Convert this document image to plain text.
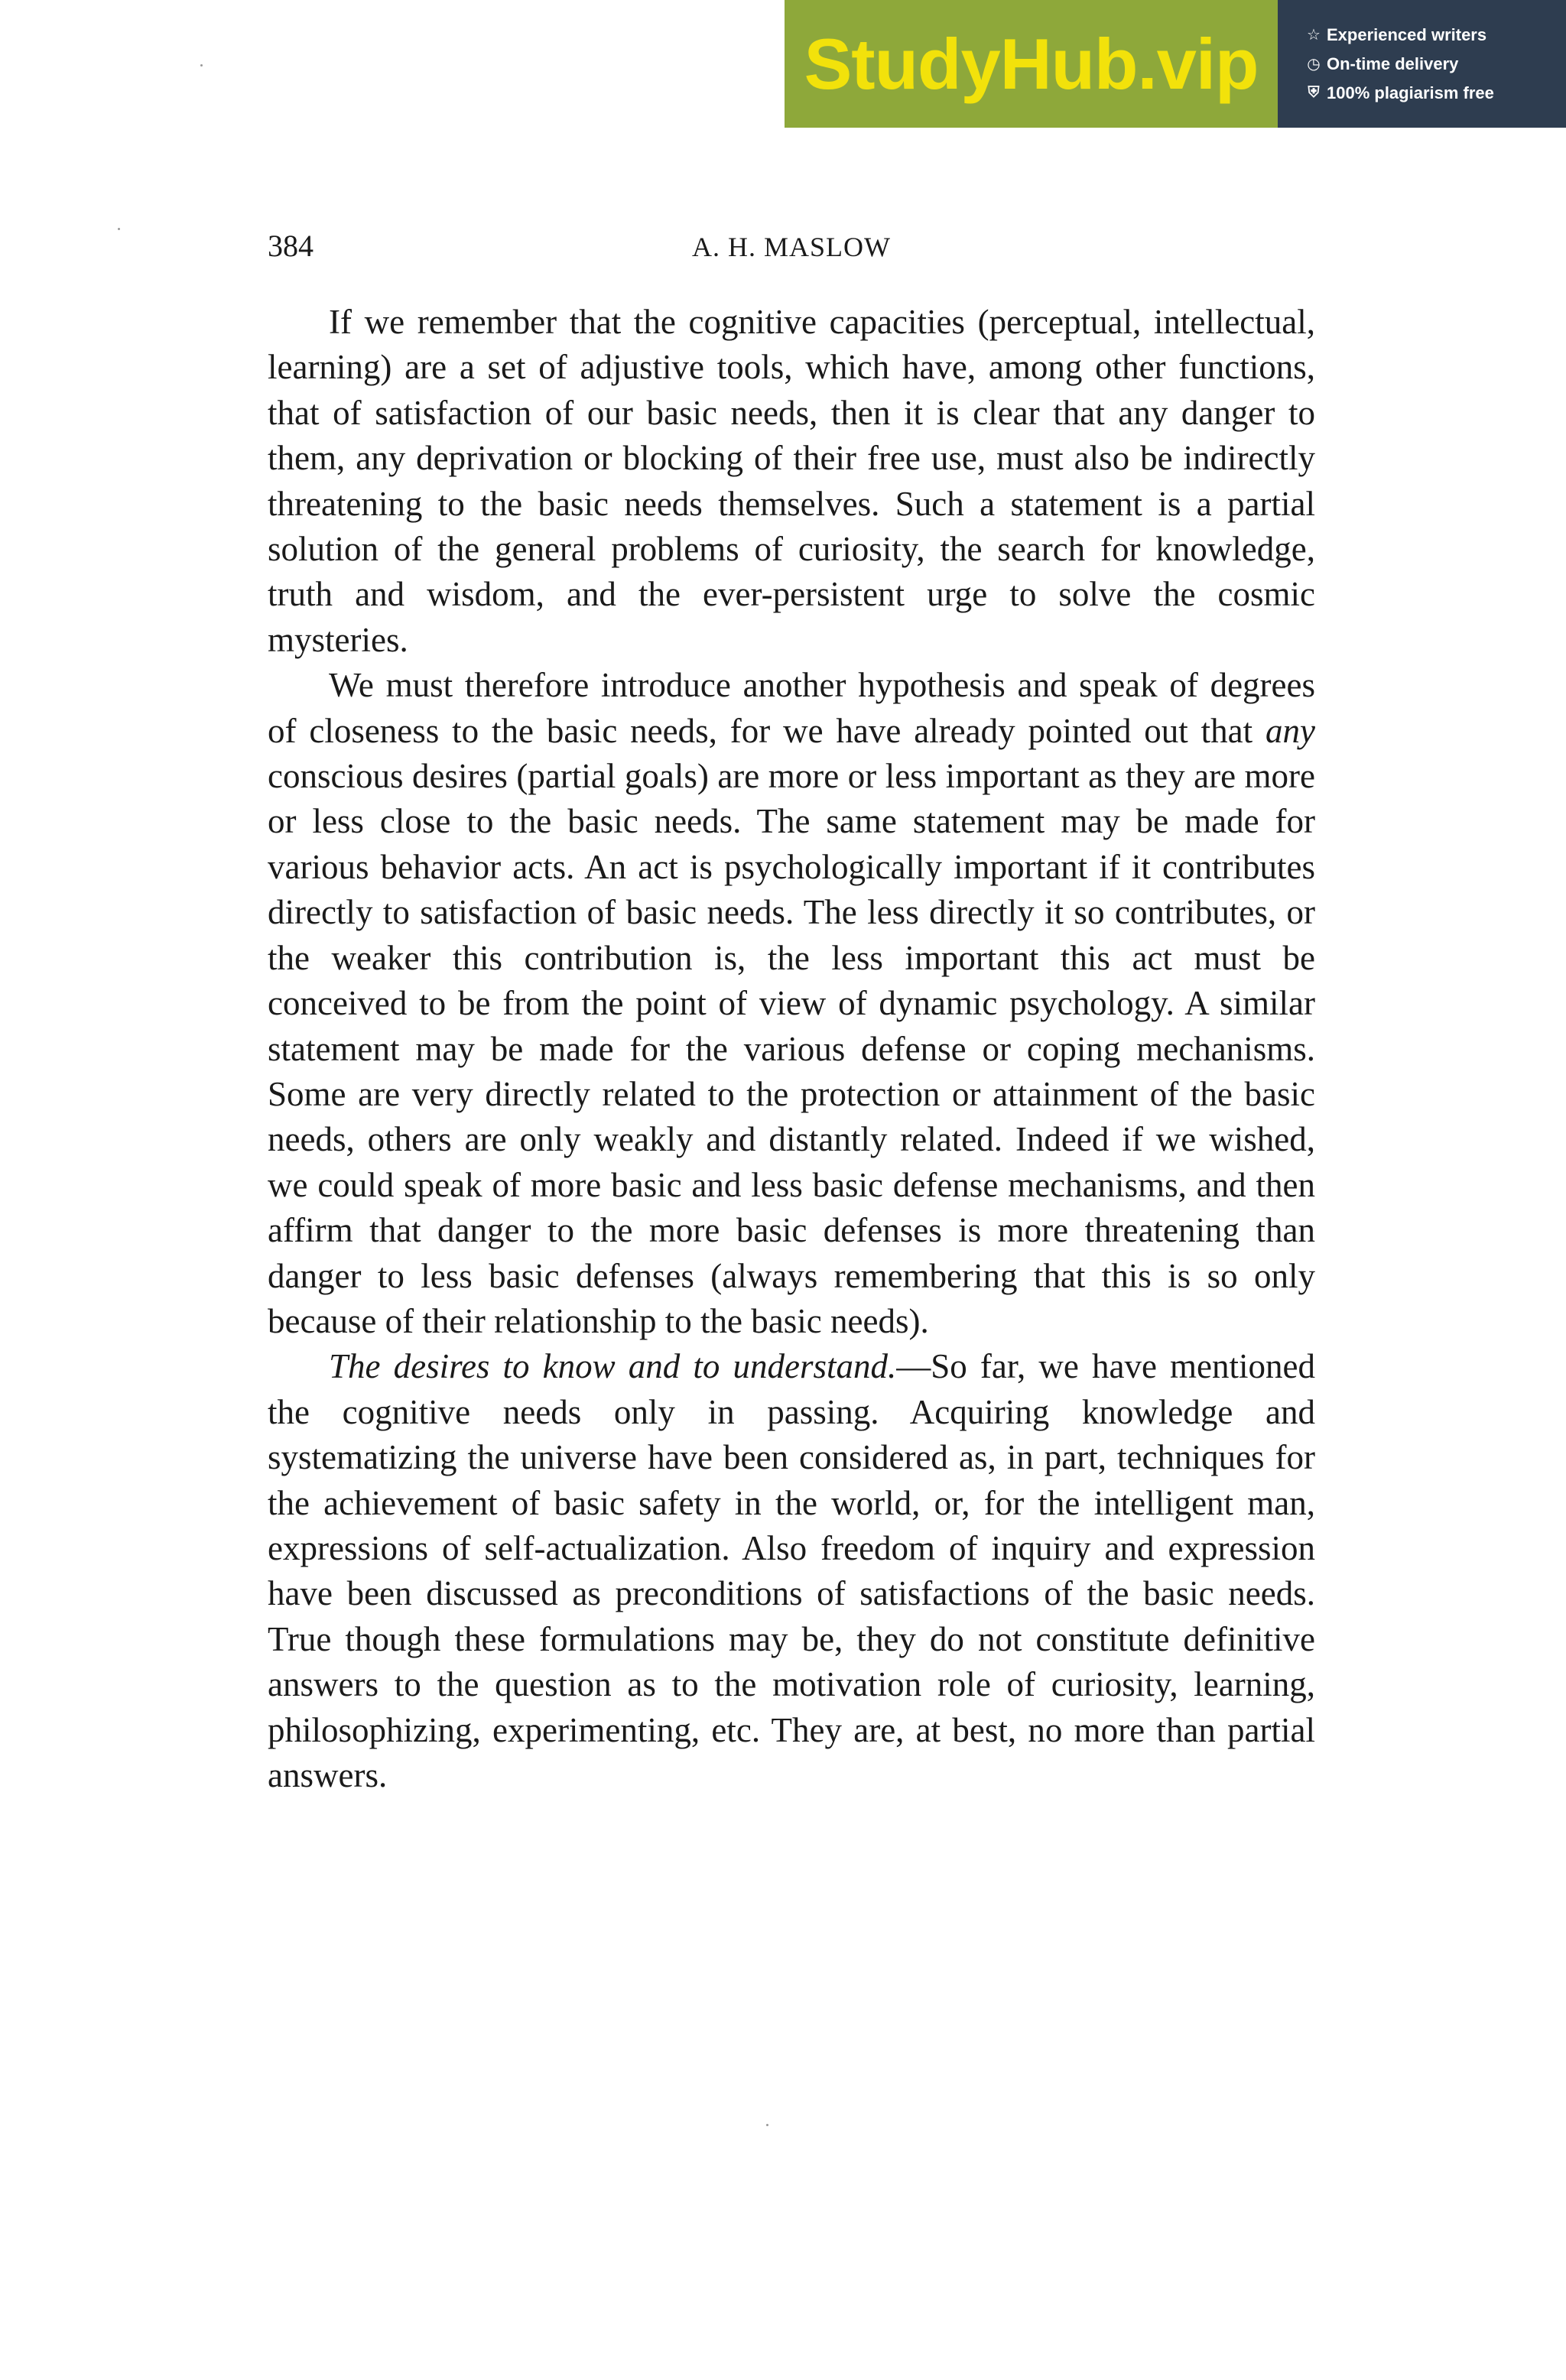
StudyHub.vip	☆ Experienced writers
◷ On-time delivery
⛨ 100% plagiarism free
384	A. H. MASLOW

If we remember that the cognitive capacities (perceptual, intellectual, learning) are a set of adjustive tools, which have, among other functions, that of satisfaction of our basic needs, then it is clear that any danger to them, any deprivation or blocking of their free use, must also be indirectly threatening to the basic needs themselves. Such a statement is a partial solution of the general problems of curiosity, the search for knowledge, truth and wisdom, and the ever-persistent urge to solve the cosmic mysteries.

We must therefore introduce another hypothesis and speak of degrees of closeness to the basic needs, for we have already pointed out that any conscious desires (partial goals) are more or less important as they are more or less close to the basic needs. The same statement may be made for various behavior acts. An act is psychologically important if it contributes directly to satisfaction of basic needs. The less directly it so contributes, or the weaker this contribution is, the less important this act must be conceived to be from the point of view of dynamic psychology. A similar statement may be made for the various defense or coping mechanisms. Some are very directly related to the protection or attainment of the basic needs, others are only weakly and distantly related. Indeed if we wished, we could speak of more basic and less basic defense mechanisms, and then affirm that danger to the more basic defenses is more threatening than danger to less basic defenses (always remembering that this is so only because of their relationship to the basic needs).

The desires to know and to understand.—So far, we have mentioned the cognitive needs only in passing. Acquiring knowledge and systematizing the universe have been considered as, in part, techniques for the achievement of basic safety in the world, or, for the intelligent man, expressions of self-actualization. Also freedom of inquiry and expression have been discussed as preconditions of satisfactions of the basic needs. True though these formulations may be, they do not constitute definitive answers to the question as to the motivation role of curiosity, learning, philosophizing, experimenting, etc. They are, at best, no more than partial answers.
